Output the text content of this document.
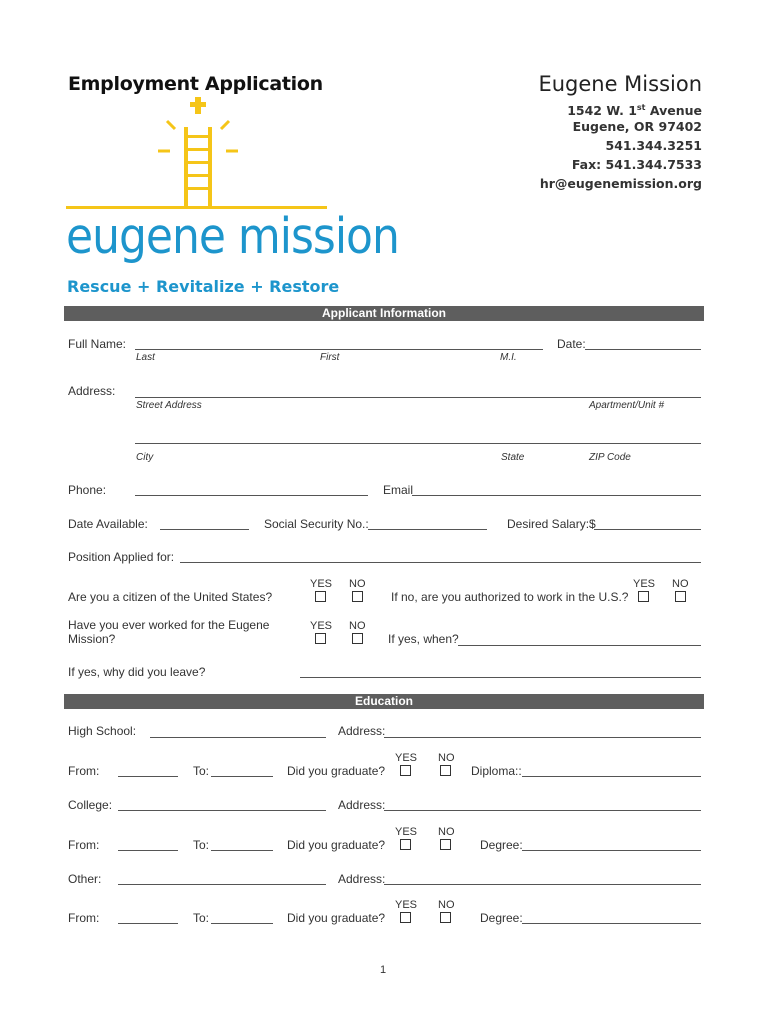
Employment Application	Eugene Mission
1542 W. 1st Avenue
Eugene, OR 97402
541.344.3251
Fax: 541.344.7533
hr@eugenemission.org
eugene mission
Rescue + Revitalize + Restore
Applicant Information
Full Name:	Date:
Last	First	M.I.
Address:
Street Address	Apartment/Unit #
City	State	ZIP Code
Phone:	Email
Date Available:	Social Security No.:	Desired Salary:$
Position Applied for:
YES NO
Are you a citizen of the United States?
YES NO
If no, are you authorized to work in the U.S.?
Have you ever worked for the Eugene
Mission?
YES NO
If yes, when?
If yes, why did you leave?
Education
High School:	Address:
YES NO
From:	To:	Did you graduate?	Diploma::
College:	Address:
YES NO
From:	To:	Did you graduate?	Degree:
Other:	Address:
YES NO
From:	To:	Did you graduate?	Degree:
1
